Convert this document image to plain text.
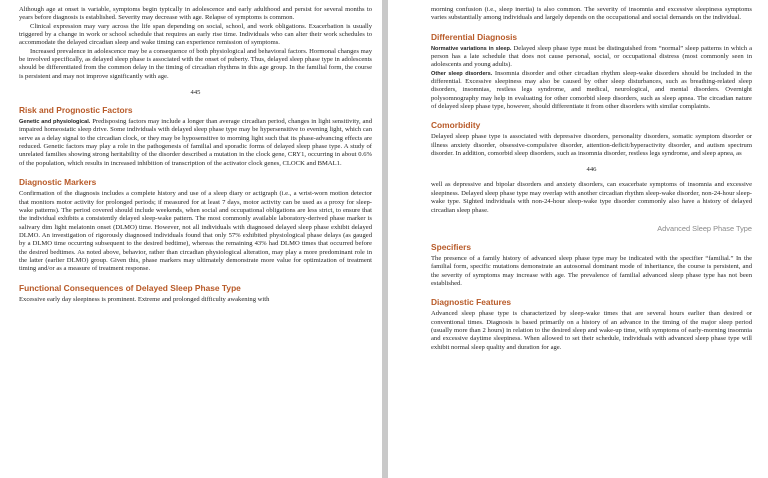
Although age at onset is variable, symptoms begin typically in adolescence and early adulthood and persist for several months to years before diagnosis is established. Severity may decrease with age. Relapse of symptoms is common.

Clinical expression may vary across the life span depending on social, school, and work obligations. Exacerbation is usually triggered by a change in work or school schedule that requires an early rise time. Individuals who can alter their work schedules to accommodate the delayed circadian sleep and wake timing can experience remission of symptoms.

Increased prevalence in adolescence may be a consequence of both physiological and behavioral factors. Hormonal changes may be involved specifically, as delayed sleep phase is associated with the onset of puberty. Thus, delayed sleep phase type in adolescents should be differentiated from the common delay in the timing of circadian rhythms in this age group. In the familial form, the course is persistent and may not improve significantly with age.

445
Risk and Prognostic Factors

Genetic and physiological. Predisposing factors may include a longer than average circadian period, changes in light sensitivity, and impaired homeostatic sleep drive. Some individuals with delayed sleep phase type may be hypersensitive to evening light, which can serve as a delay signal to the circadian clock, or they may be hyposensitive to morning light such that its phase-advancing effects are reduced. Genetic factors may play a role in the pathogenesis of familial and sporadic forms of delayed sleep phase type. A study of unrelated families showing strong heritability of the disorder described a mutation in the clock gene, CRY1, occurring in about 0.6% of the population, which results in increased inhibition of transcription of the activator clock genes, CLOCK and BMAL1.

Diagnostic Markers

Confirmation of the diagnosis includes a complete history and use of a sleep diary or actigraph (i.e., a wrist-worn motion detector that monitors motor activity for prolonged periods; if measured for at least 7 days, motor activity can be used as a proxy for sleep-wake patterns). The period covered should include weekends, when social and occupational obligations are less strict, to ensure that the individual exhibits a consistently delayed sleep-wake pattern. The most commonly available laboratory-derived phase marker is salivary dim light melatonin onset (DLMO) time. However, not all individuals with diagnosed delayed sleep phase exhibit delayed DLMO. An investigation of rigorously diagnosed individuals found that only 57% exhibited physiological phase delays (as gauged by a DLMO time occurring subsequent to the desired bedtime), whereas the remaining 43% had DLMO times that occurred before the desired bedtimes. As noted above, behavior, rather than circadian physiological alteration, may play a more predominant role in the latter (earlier DLMO) group. Given this, phase markers may ultimately demonstrate more value for optimization of treatment timing and/or as a measure of treatment response.

Functional Consequences of Delayed Sleep Phase Type

Excessive early day sleepiness is prominent. Extreme and prolonged difficulty awakening with

morning confusion (i.e., sleep inertia) is also common. The severity of insomnia and excessive sleepiness symptoms varies substantially among individuals and largely depends on the occupational and social demands on the individual.

Differential Diagnosis

Normative variations in sleep. Delayed sleep phase type must be distinguished from “normal” sleep patterns in which a person has a late schedule that does not cause personal, social, or occupational distress (most commonly seen in adolescents and young adults).

Other sleep disorders. Insomnia disorder and other circadian rhythm sleep-wake disorders should be included in the differential. Excessive sleepiness may also be caused by other sleep disturbances, such as breathing-related sleep disorders, insomnias, restless legs syndrome, and medical, neurological, and mental disorders. Overnight polysomnography may help in evaluating for other comorbid sleep disorders, such as sleep apnea. The circadian nature of delayed sleep phase type, however, should differentiate it from other disorders with similar complaints.

Comorbidity

Delayed sleep phase type is associated with depressive disorders, personality disorders, somatic symptom disorder or illness anxiety disorder, obsessive-compulsive disorder, attention-deficit/hyperactivity disorder, and autism spectrum disorder. In addition, comorbid sleep disorders, such as insomnia disorder, restless legs syndrome, and sleep apnea, as

446

well as depressive and bipolar disorders and anxiety disorders, can exacerbate symptoms of insomnia and excessive sleepiness. Delayed sleep phase type may overlap with another circadian rhythm sleep-wake disorder, non-24-hour sleep-wake type. Sighted individuals with non-24-hour sleep-wake type disorder commonly also have a history of delayed circadian sleep phase.

Advanced Sleep Phase Type
Specifiers

The presence of a family history of advanced sleep phase type may be indicated with the specifier “familial.” In the familial form, specific mutations demonstrate an autosomal dominant mode of inheritance, the course is persistent, and the severity of symptoms may increase with age. The prevalence of familial advanced sleep phase type has not been established.

Diagnostic Features

Advanced sleep phase type is characterized by sleep-wake times that are several hours earlier than desired or conventional times. Diagnosis is based primarily on a history of an advance in the timing of the major sleep period (usually more than 2 hours) in relation to the desired sleep and wake-up time, with symptoms of early-morning insomnia and excessive daytime sleepiness. When allowed to set their schedule, individuals with advanced sleep phase type will exhibit normal sleep quality and duration for age.
